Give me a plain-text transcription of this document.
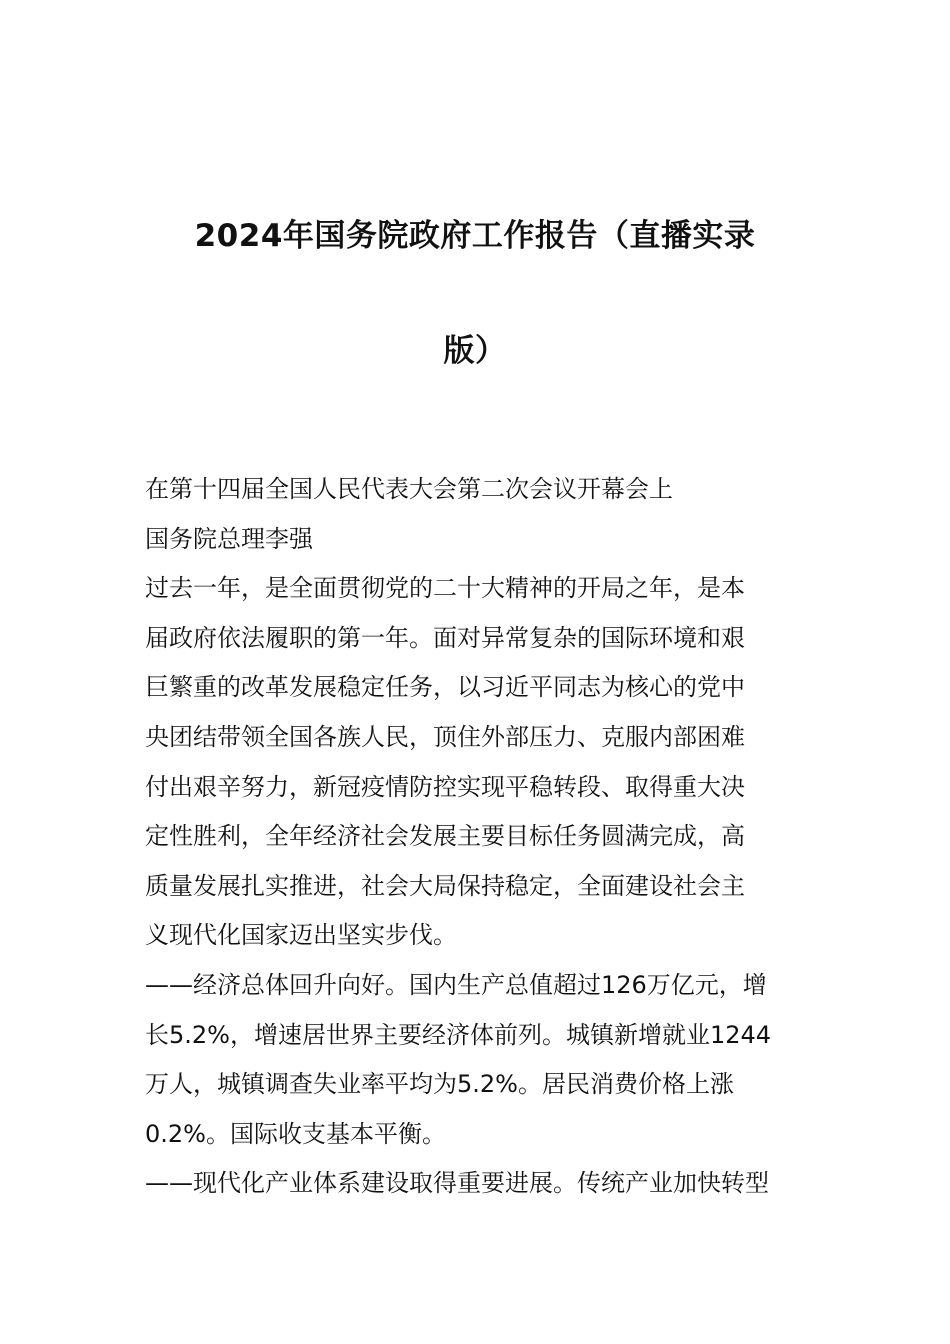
2024年国务院政府工作报告（直播实录
版）
在第十四届全国人民代表大会第二次会议开幕会上
国务院总理李强
过去一年，是全面贯彻党的二十大精神的开局之年，是本
届政府依法履职的第一年。面对异常复杂的国际环境和艰
巨繁重的改革发展稳定任务，以习近平同志为核心的党中
央团结带领全国各族人民，顶住外部压力、克服内部困难
付出艰辛努力，新冠疫情防控实现平稳转段、取得重大决
定性胜利，全年经济社会发展主要目标任务圆满完成，高
质量发展扎实推进，社会大局保持稳定，全面建设社会主
义现代化国家迈出坚实步伐。
——经济总体回升向好。国内生产总值超过126万亿元，增
长5.2%，增速居世界主要经济体前列。城镇新增就业1244
万人，城镇调查失业率平均为5.2%。居民消费价格上涨
0.2%。国际收支基本平衡。
——现代化产业体系建设取得重要进展。传统产业加快转型
